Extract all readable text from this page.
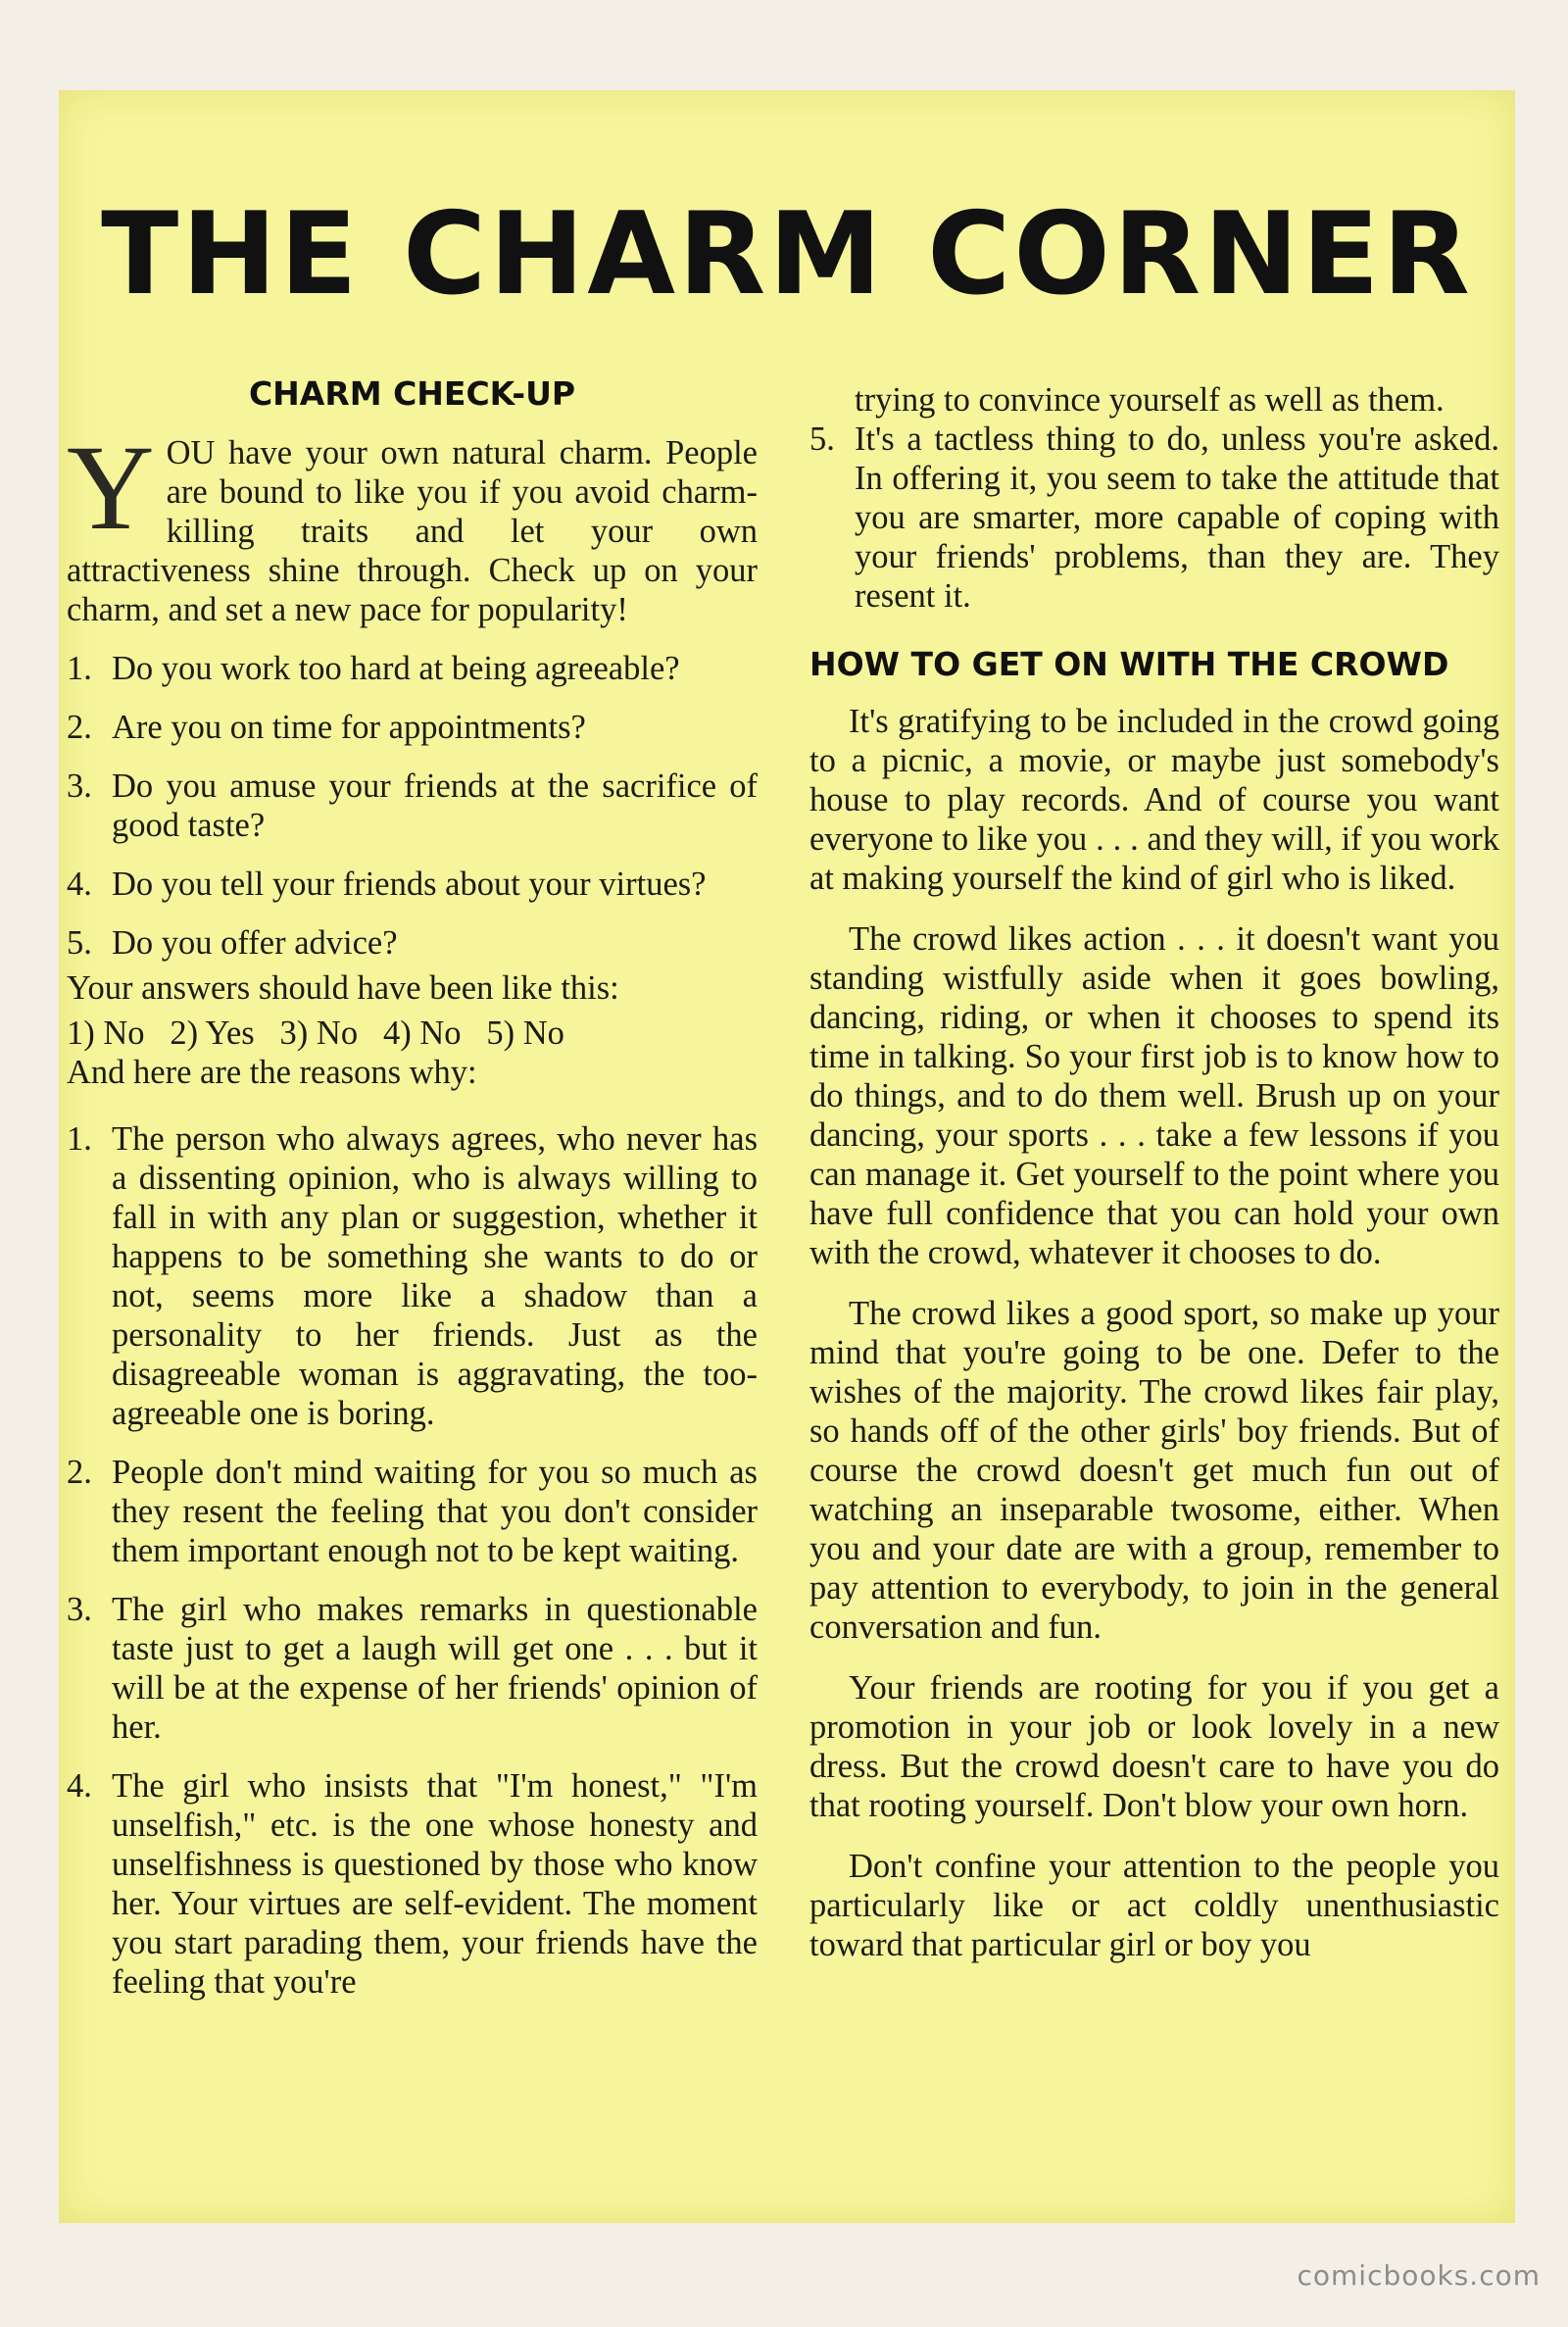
THE CHARM CORNER
CHARM CHECK-UP
Y OU have your own natural charm. People are bound to like you if you avoid charm-killing traits and let your own attractiveness shine through. Check up on your charm, and set a new pace for popularity!

1. Do you work too hard at being agreeable?
2. Are you on time for appointments?
3. Do you amuse your friends at the sacrifice of good taste?
4. Do you tell your friends about your virtues?
5. Do you offer advice?
Your answers should have been like this:
1) No   2) Yes   3) No   4) No   5) No
And here are the reasons why:
1. The person who always agrees, who never has a dissenting opinion, who is always willing to fall in with any plan or suggestion, whether it happens to be something she wants to do or not, seems more like a shadow than a personality to her friends. Just as the disagreeable woman is aggravating, the too-agreeable one is boring.
2. People don't mind waiting for you so much as they resent the feeling that you don't consider them important enough not to be kept waiting.
3. The girl who makes remarks in questionable taste just to get a laugh will get one . . . but it will be at the expense of her friends' opinion of her.
4. The girl who insists that "I'm honest," "I'm unselfish," etc. is the one whose honesty and unselfishness is questioned by those who know her. Your virtues are self-evident. The moment you start parading them, your friends have the feeling that you're

trying to convince yourself as well as them.

5. It's a tactless thing to do, unless you're asked. In offering it, you seem to take the attitude that you are smarter, more capable of coping with your friends' problems, than they are. They resent it.
HOW TO GET ON WITH THE CROWD

It's gratifying to be included in the crowd going to a picnic, a movie, or maybe just somebody's house to play records. And of course you want everyone to like you . . . and they will, if you work at making yourself the kind of girl who is liked.

The crowd likes action . . . it doesn't want you standing wistfully aside when it goes bowling, dancing, riding, or when it chooses to spend its time in talking. So your first job is to know how to do things, and to do them well. Brush up on your dancing, your sports . . . take a few lessons if you can manage it. Get yourself to the point where you have full confidence that you can hold your own with the crowd, whatever it chooses to do.

The crowd likes a good sport, so make up your mind that you're going to be one. Defer to the wishes of the majority. The crowd likes fair play, so hands off of the other girls' boy friends. But of course the crowd doesn't get much fun out of watching an inseparable twosome, either. When you and your date are with a group, remember to pay attention to everybody, to join in the general conversation and fun.

Your friends are rooting for you if you get a promotion in your job or look lovely in a new dress. But the crowd doesn't care to have you do that rooting yourself. Don't blow your own horn.

Don't confine your attention to the people you particularly like or act coldly unenthusiastic toward that particular girl or boy you

comicbooks.com
